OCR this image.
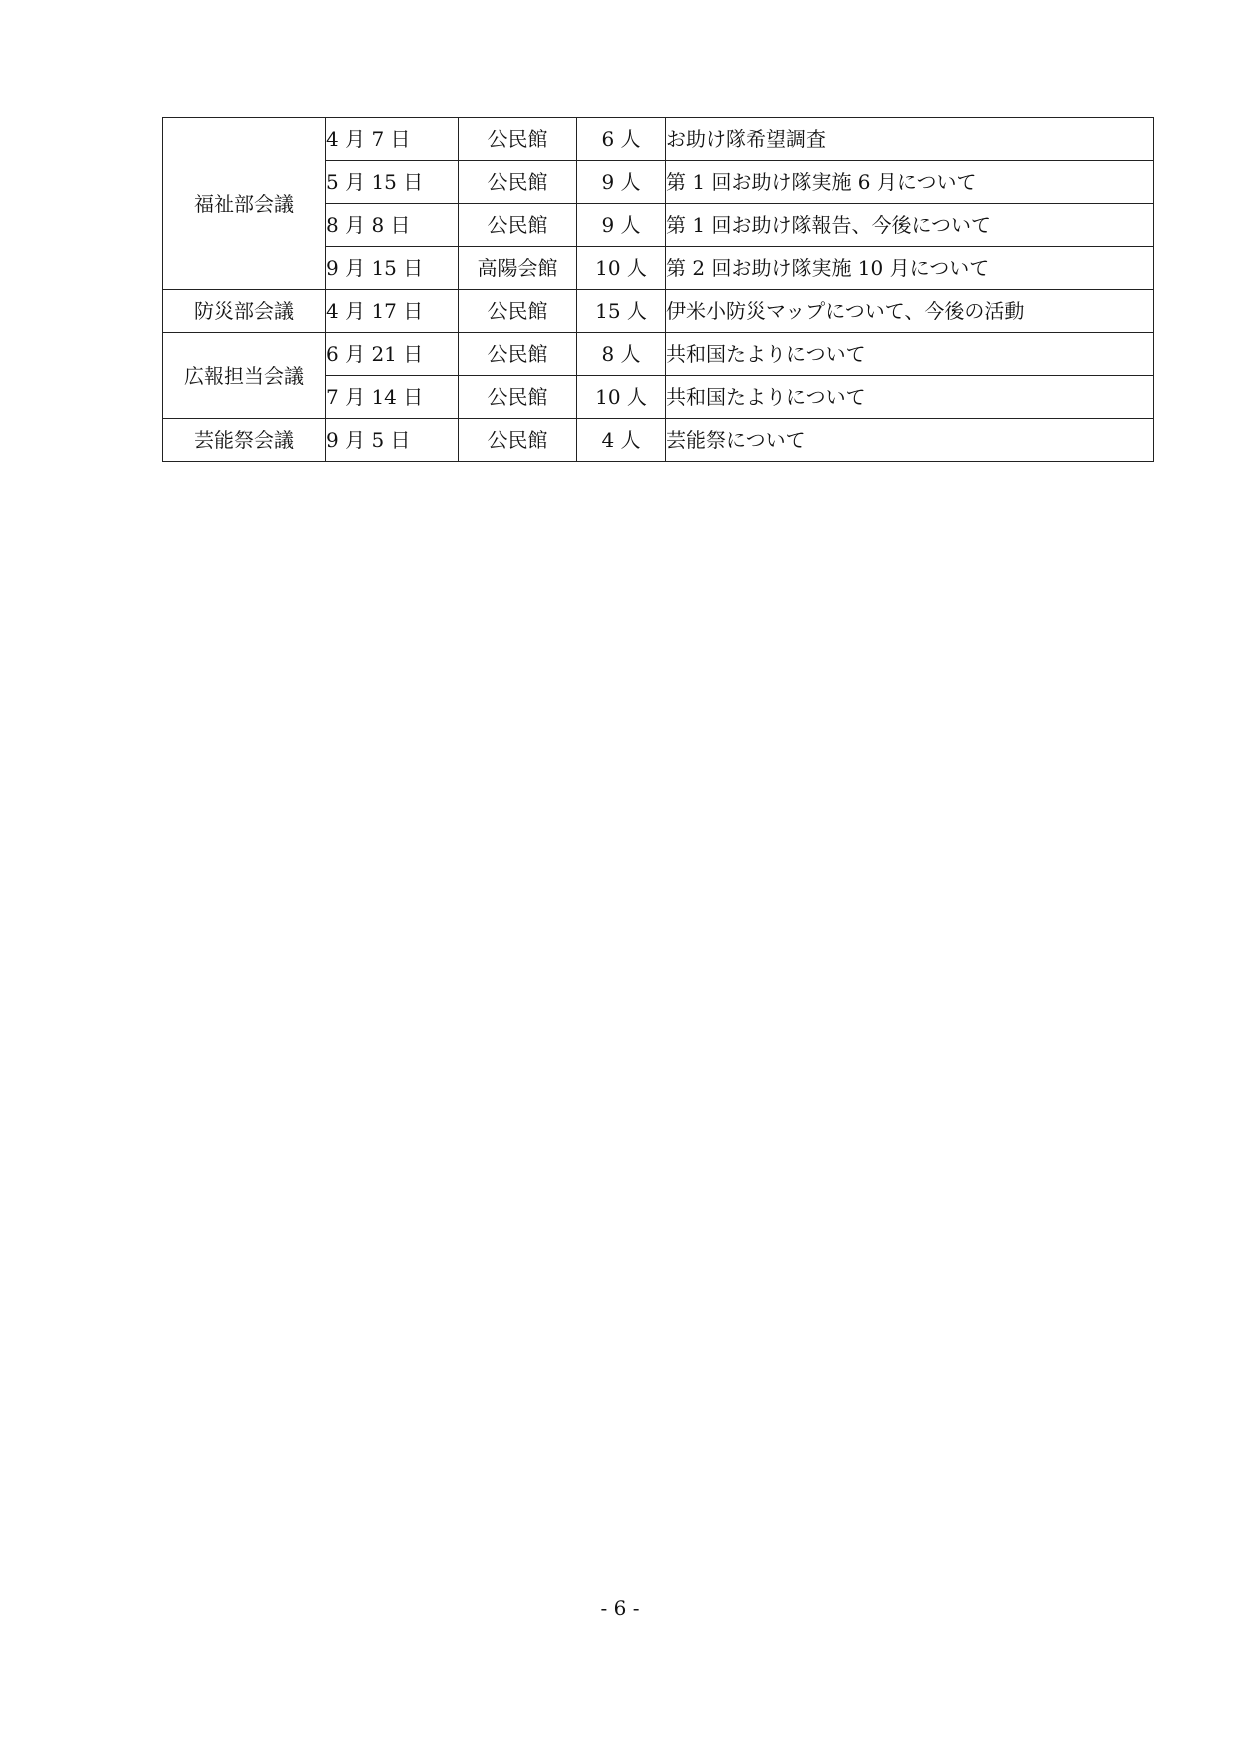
福祉部会議	4 月 7 日	公民館	6 人	お助け隊希望調査
	5 月 15 日	公民館	9 人	第 1 回お助け隊実施 6 月について
	8 月 8 日	公民館	9 人	第 1 回お助け隊報告、今後について
	9 月 15 日	高陽会館	10 人	第 2 回お助け隊実施 10 月について
防災部会議	4 月 17 日	公民館	15 人	伊米小防災マップについて、今後の活動
広報担当会議	6 月 21 日	公民館	8 人	共和国たよりについて
	7 月 14 日	公民館	10 人	共和国たよりについて
芸能祭会議	9 月 5 日	公民館	4 人	芸能祭について
- 6 -
